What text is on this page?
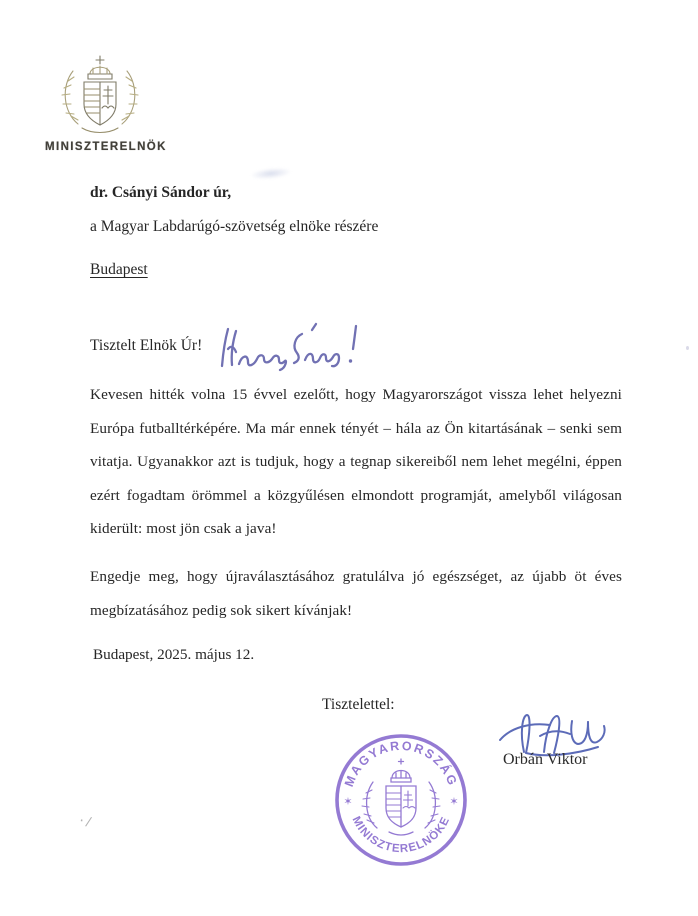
MINISZTERELNÖK
dr. Csányi Sándor úr,
a Magyar Labdarúgó-szövetség elnöke részére
Budapest
Tisztelt Elnök Úr!
Kevesen hitték volna 15 évvel ezelőtt, hogy Magyarországot vissza lehet helyezni
Európa futballtérképére. Ma már ennek tényét – hála az Ön kitartásának – senki sem
vitatja. Ugyanakkor azt is tudjuk, hogy a tegnap sikereiből nem lehet megélni, éppen
ezért fogadtam örömmel a közgyűlésen elmondott programját, amelyből világosan
kiderült: most jön csak a java!
Engedje meg, hogy újraválasztásához gratulálva jó egészséget, az újabb öt éves
megbízatásához pedig sok sikert kívánjak!
Budapest, 2025. május 12.
Tisztelettel:
MAGYARORSZÁG
MINISZTERELNÖKE
✶	✶
Orbán Viktor
·/
